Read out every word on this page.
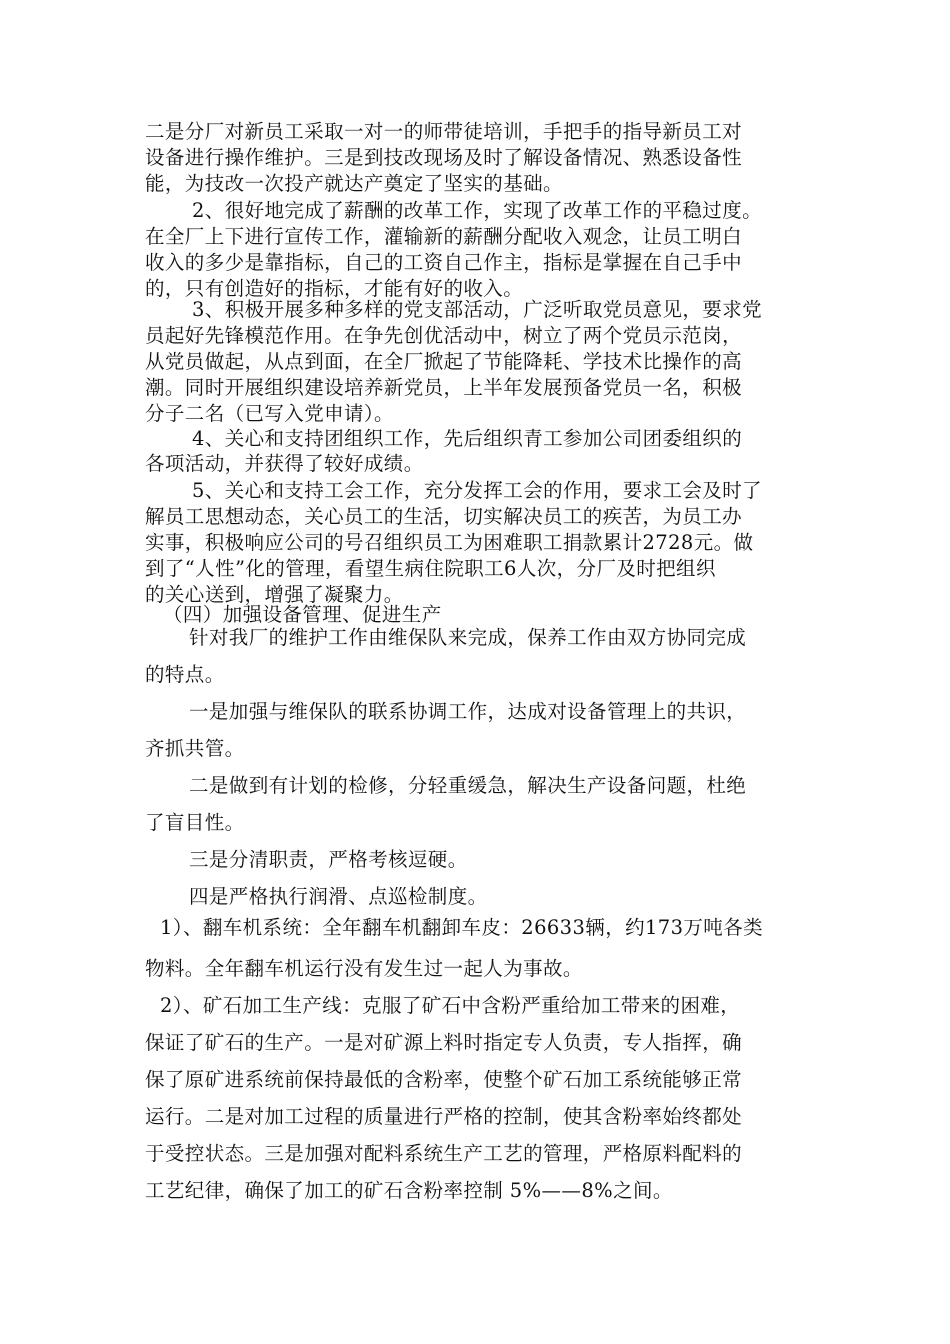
二是分厂对新员工采取一对一的师带徒培训，手把手的指导新员工对
设备进行操作维护。三是到技改现场及时了解设备情况、熟悉设备性
能，为技改一次投产就达产奠定了坚实的基础。
2、很好地完成了薪酬的改革工作，实现了改革工作的平稳过度。
在全厂上下进行宣传工作，灌输新的薪酬分配收入观念，让员工明白
收入的多少是靠指标，自己的工资自己作主，指标是掌握在自己手中
的，只有创造好的指标，才能有好的收入。
3、积极开展多种多样的党支部活动，广泛听取党员意见，要求党
员起好先锋模范作用。在争先创优活动中，树立了两个党员示范岗，
从党员做起，从点到面，在全厂掀起了节能降耗、学技术比操作的高
潮。同时开展组织建设培养新党员，上半年发展预备党员一名，积极
分子二名（已写入党申请）。
4、关心和支持团组织工作，先后组织青工参加公司团委组织的
各项活动，并获得了较好成绩。
5、关心和支持工会工作，充分发挥工会的作用，要求工会及时了
解员工思想动态，关心员工的生活，切实解决员工的疾苦，为员工办
实事，积极响应公司的号召组织员工为困难职工捐款累计2728元。做
到了“人性”化的管理，看望生病住院职工6人次，分厂及时把组织
的关心送到，增强了凝聚力。
（四）加强设备管理、促进生产
针对我厂的维护工作由维保队来完成，保养工作由双方协同完成
的特点。
一是加强与维保队的联系协调工作，达成对设备管理上的共识，
齐抓共管。
二是做到有计划的检修，分轻重缓急，解决生产设备问题，杜绝
了盲目性。
三是分清职责，严格考核逗硬。
四是严格执行润滑、点巡检制度。
1）、翻车机系统：全年翻车机翻卸车皮：26633辆，约173万吨各类
物料。全年翻车机运行没有发生过一起人为事故。
2）、矿石加工生产线：克服了矿石中含粉严重给加工带来的困难，
保证了矿石的生产。一是对矿源上料时指定专人负责，专人指挥，确
保了原矿进系统前保持最低的含粉率，使整个矿石加工系统能够正常
运行。二是对加工过程的质量进行严格的控制，使其含粉率始终都处
于受控状态。三是加强对配料系统生产工艺的管理，严格原料配料的
工艺纪律，确保了加工的矿石含粉率控制 5%——8%之间。
